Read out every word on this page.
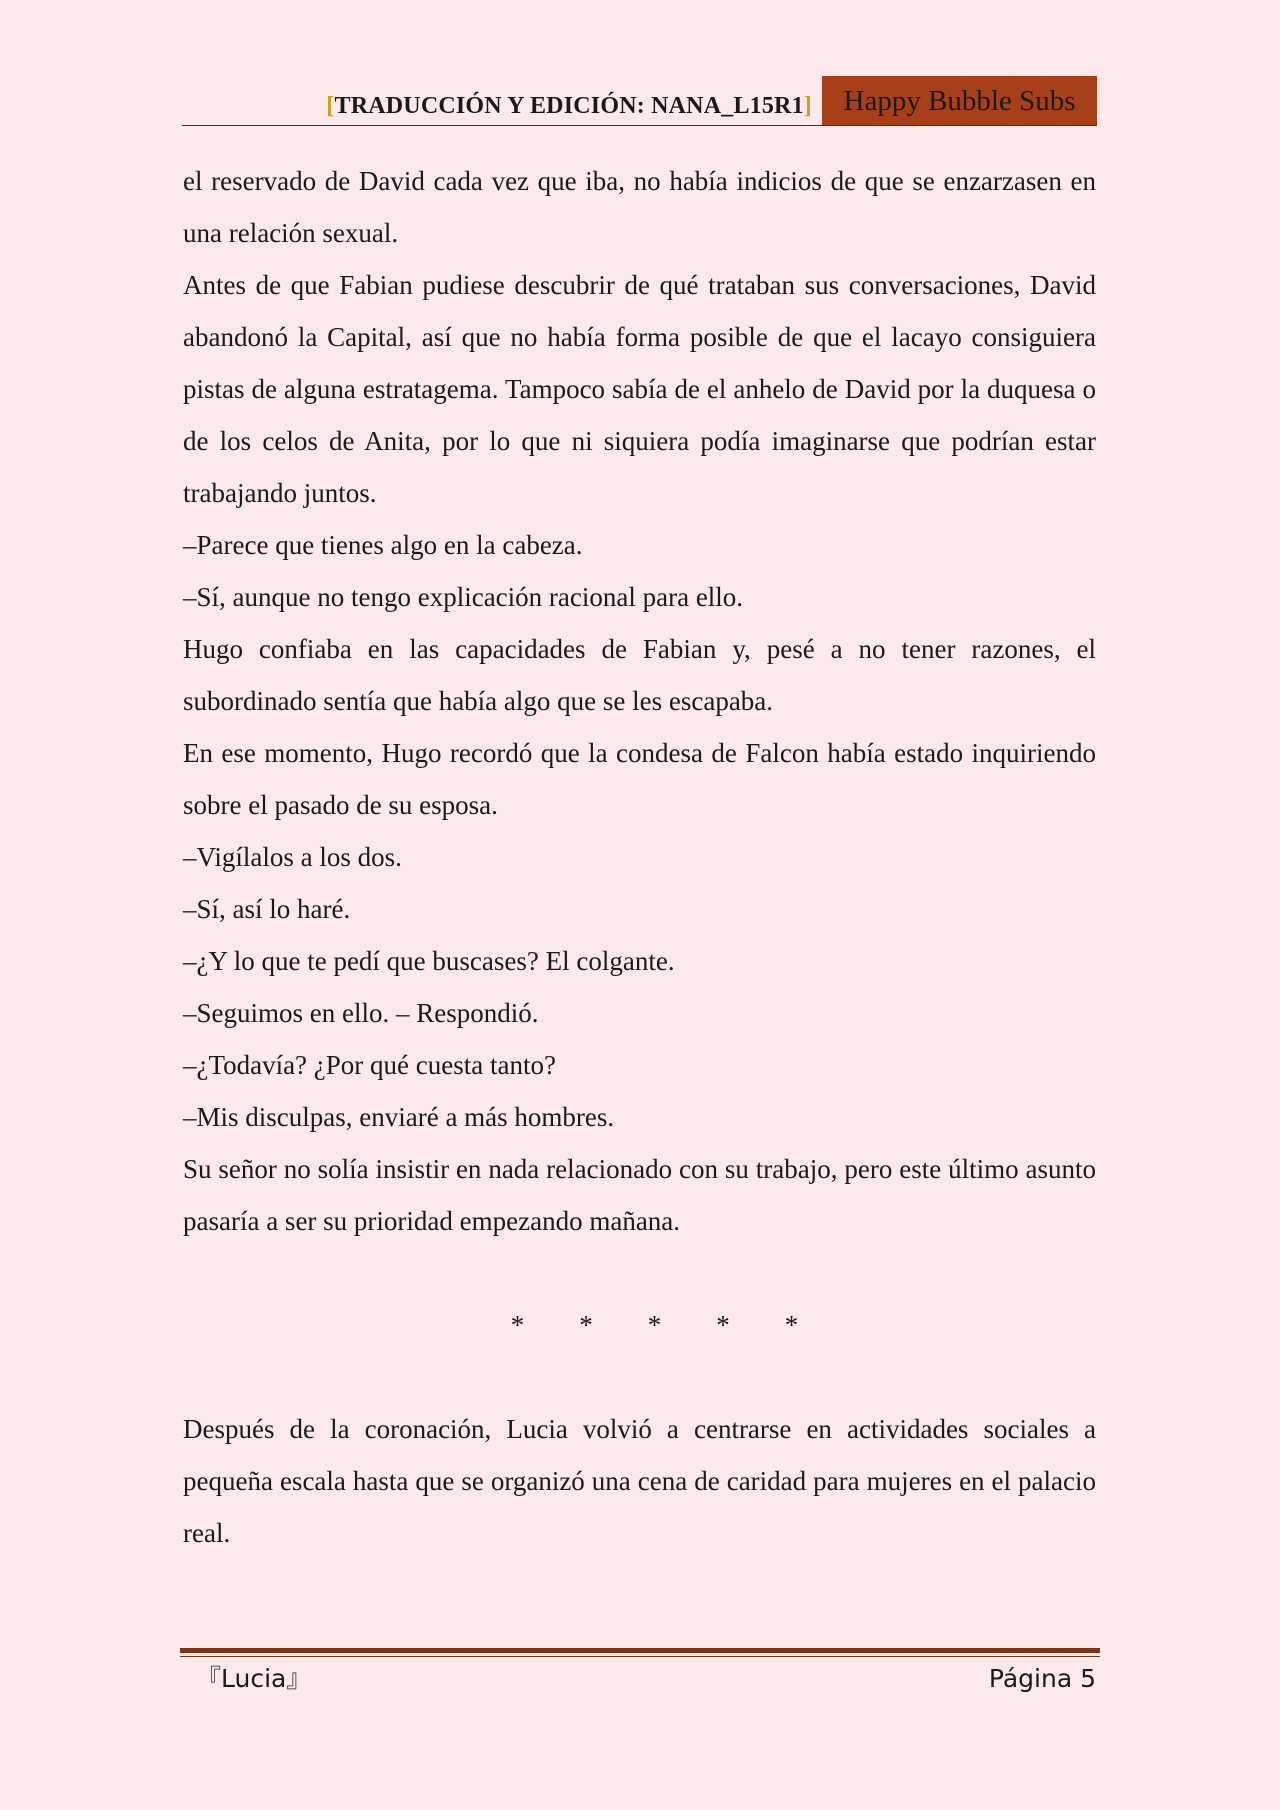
[TRADUCCIÓN Y EDICIÓN: NANA_L15R1]	Happy Bubble Subs

el reservado de David cada vez que iba, no había indicios de que se enzarzasen en una relación sexual.

Antes de que Fabian pudiese descubrir de qué trataban sus conversaciones, David abandonó la Capital, así que no había forma posible de que el lacayo consiguiera pistas de alguna estratagema. Tampoco sabía de el anhelo de David por la duquesa o de los celos de Anita, por lo que ni siquiera podía imaginarse que podrían estar trabajando juntos.

–Parece que tienes algo en la cabeza.

–Sí, aunque no tengo explicación racional para ello.

Hugo confiaba en las capacidades de Fabian y, pesé a no tener razones, el subordinado sentía que había algo que se les escapaba.

En ese momento, Hugo recordó que la condesa de Falcon había estado inquiriendo sobre el pasado de su esposa.

–Vigílalos a los dos.

–Sí, así lo haré.

–¿Y lo que te pedí que buscases? El colgante.

–Seguimos en ello. – Respondió.

–¿Todavía? ¿Por qué cuesta tanto?

–Mis disculpas, enviaré a más hombres.

Su señor no solía insistir en nada relacionado con su trabajo, pero este último asunto pasaría a ser su prioridad empezando mañana.

* * * * *

Después de la coronación, Lucia volvió a centrarse en actividades sociales a pequeña escala hasta que se organizó una cena de caridad para mujeres en el palacio real.

『Lucia』	Página 5
